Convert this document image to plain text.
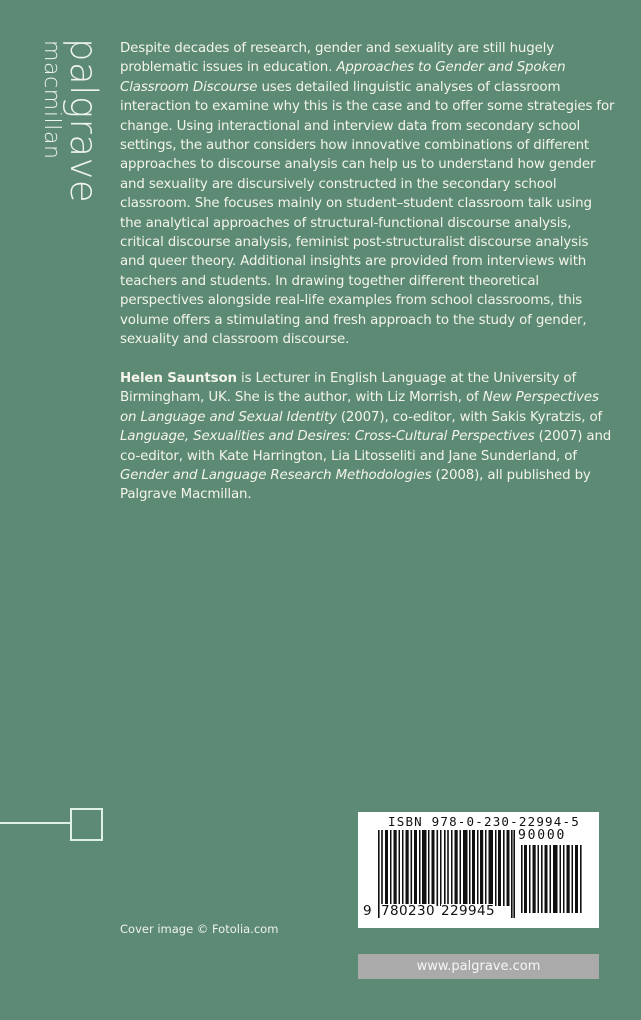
palgrave
macmillan	Despite decades of research, gender and sexuality are still hugely problematic issues in education. Approaches to Gender and Spoken Classroom Discourse uses detailed linguistic analyses of classroom interaction to examine why this is the case and to offer some strategies for change. Using interactional and interview data from secondary school settings, the author considers how innovative combinations of different approaches to discourse analysis can help us to understand how gender and sexuality are discursively constructed in the secondary school classroom. She focuses mainly on student–student classroom talk using the analytical approaches of structural-functional discourse analysis, critical discourse analysis, feminist post-structuralist discourse analysis and queer theory. Additional insights are provided from interviews with teachers and students. In drawing together different theoretical perspectives alongside real-life examples from school classrooms, this volume offers a stimulating and fresh approach to the study of gender, sexuality and classroom discourse.

Helen Sauntson is Lecturer in English Language at the University of Birmingham, UK. She is the author, with Liz Morrish, of New Perspectives on Language and Sexual Identity (2007), co-editor, with Sakis Kyratzis, of Language, Sexualities and Desires: Cross-Cultural Perspectives (2007) and co-editor, with Kate Harrington, Lia Litosseliti and Jane Sunderland, of Gender and Language Research Methodologies (2008), all published by Palgrave Macmillan.

Cover image © Fotolia.com
ISBN 978-0-230-22994-5
90000
9 780230 229945
www.palgrave.com
